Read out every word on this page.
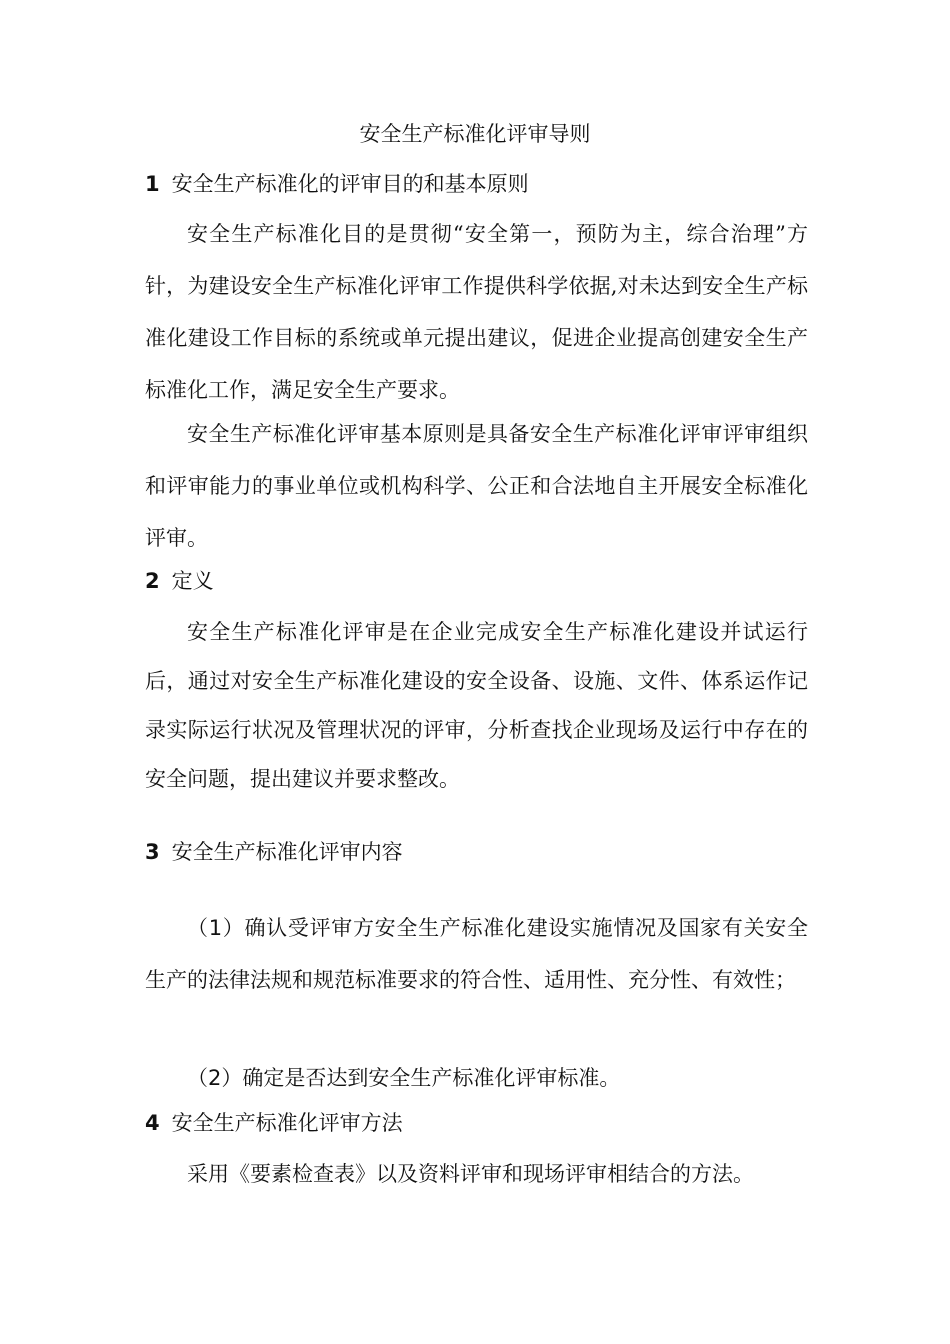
安全生产标准化评审导则
1 安全生产标准化的评审目的和基本原则
安全生产标准化目的是贯彻“安全第一，预防为主，综合治理”方针，为建设安全生产标准化评审工作提供科学依据,对未达到安全生产标准化建设工作目标的系统或单元提出建议，促进企业提高创建安全生产标准化工作，满足安全生产要求。
安全生产标准化评审基本原则是具备安全生产标准化评审评审组织和评审能力的事业单位或机构科学、公正和合法地自主开展安全标准化评审。
2 定义
安全生产标准化评审是在企业完成安全生产标准化建设并试运行后，通过对安全生产标准化建设的安全设备、设施、文件、体系运作记录实际运行状况及管理状况的评审，分析查找企业现场及运行中存在的安全问题，提出建议并要求整改。
3 安全生产标准化评审内容
（1）确认受评审方安全生产标准化建设实施情况及国家有关安全生产的法律法规和规范标准要求的符合性、适用性、充分性、有效性；
（2）确定是否达到安全生产标准化评审标准。
4 安全生产标准化评审方法
采用《要素检查表》以及资料评审和现场评审相结合的方法。
